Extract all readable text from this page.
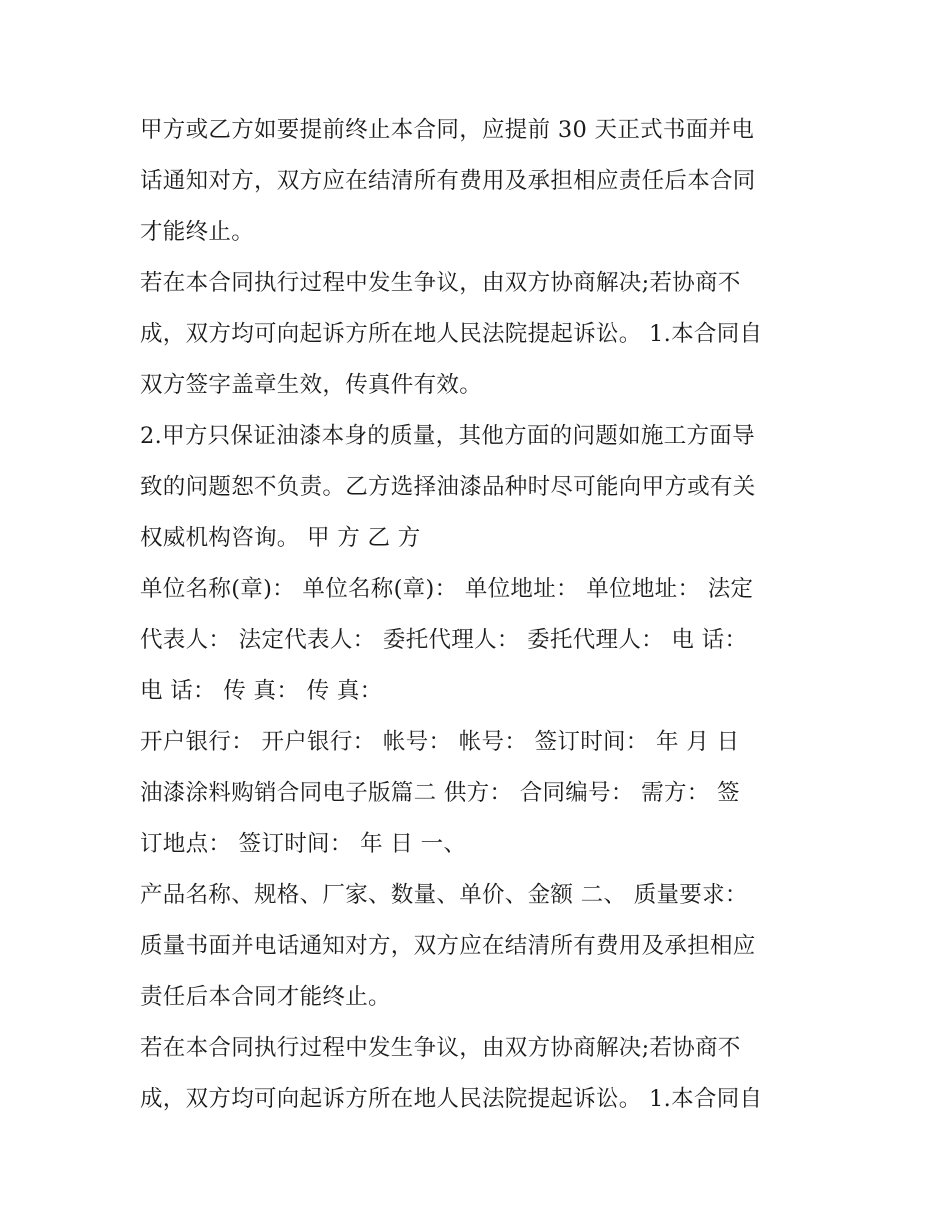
甲方或乙方如要提前终止本合同，应提前 30 天正式书面并电
话通知对方，双方应在结清所有费用及承担相应责任后本合同
才能终止。
若在本合同执行过程中发生争议，由双方协商解决;若协商不
成，双方均可向起诉方所在地人民法院提起诉讼。 1.本合同自
双方签字盖章生效，传真件有效。
2.甲方只保证油漆本身的质量，其他方面的问题如施工方面导
致的问题恕不负责。乙方选择油漆品种时尽可能向甲方或有关
权威机构咨询。 甲 方 乙 方
单位名称(章)： 单位名称(章)： 单位地址： 单位地址： 法定
代表人： 法定代表人： 委托代理人： 委托代理人： 电 话：
电 话： 传 真： 传 真：
开户银行： 开户银行： 帐号： 帐号： 签订时间： 年 月 日
油漆涂料购销合同电子版篇二 供方： 合同编号： 需方： 签
订地点： 签订时间： 年 日 一、
产品名称、规格、厂家、数量、单价、金额 二、 质量要求：
质量书面并电话通知对方，双方应在结清所有费用及承担相应
责任后本合同才能终止。
若在本合同执行过程中发生争议，由双方协商解决;若协商不
成，双方均可向起诉方所在地人民法院提起诉讼。 1.本合同自
